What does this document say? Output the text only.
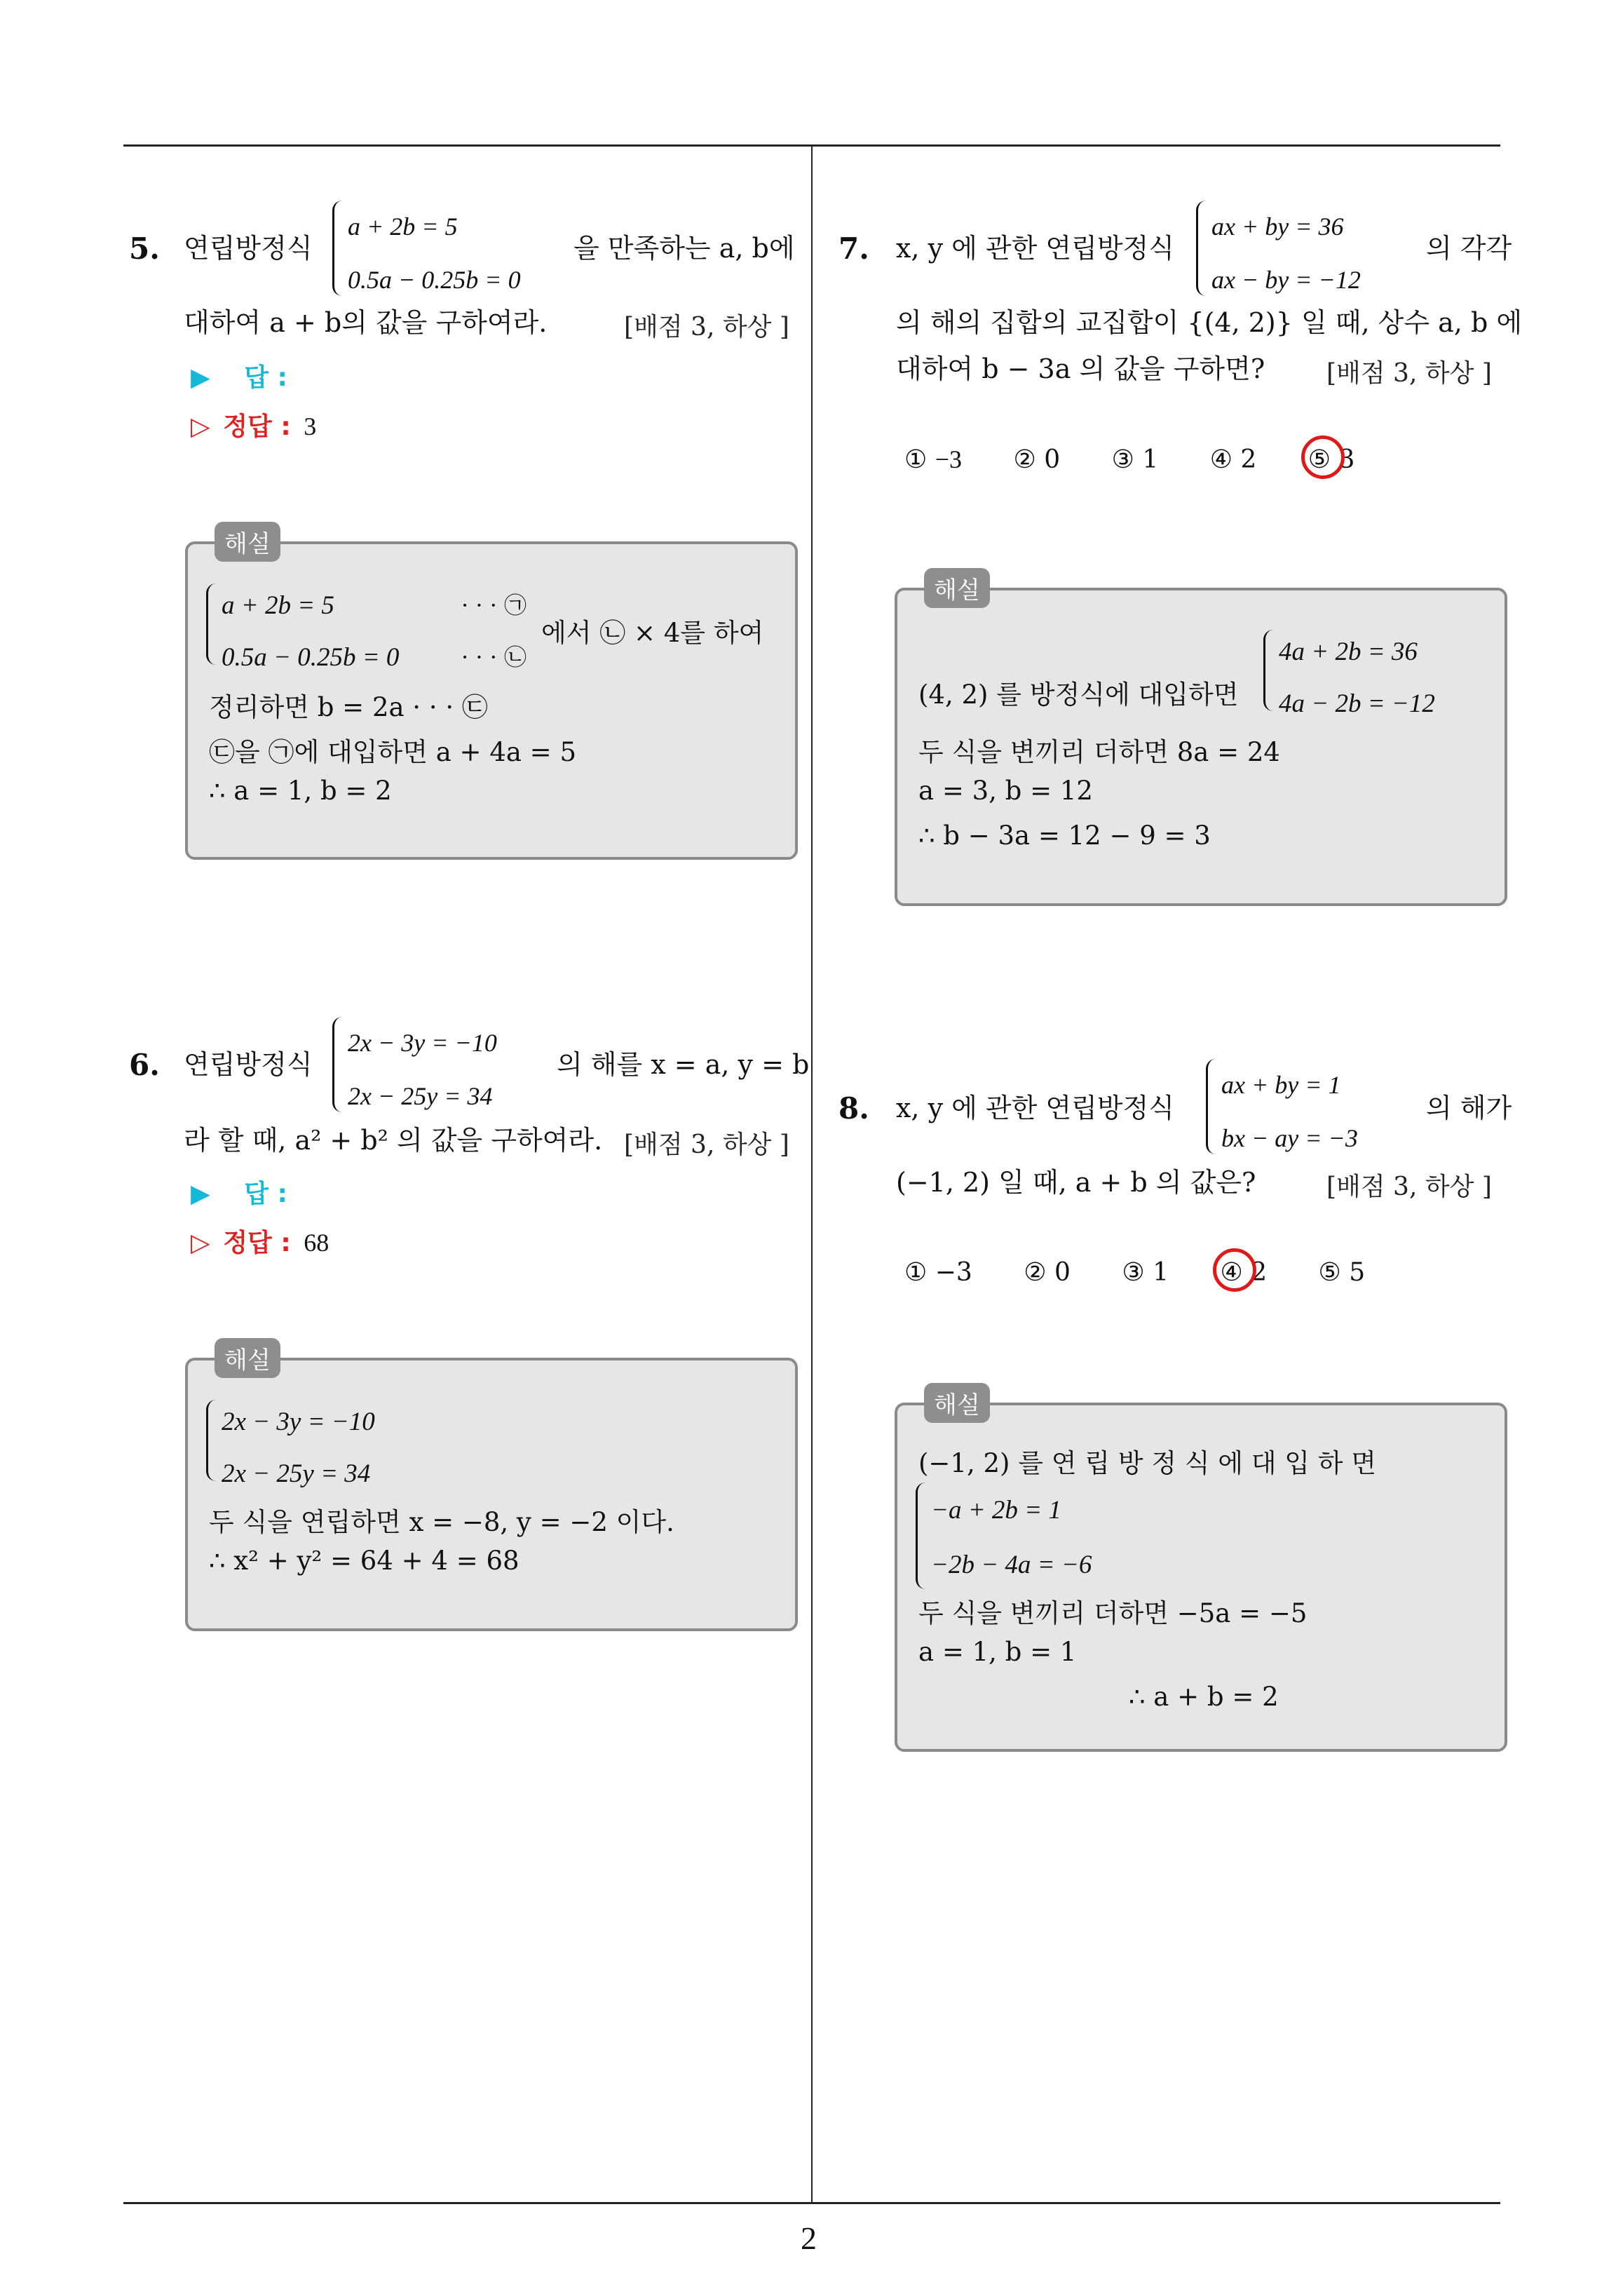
2
5. 연립방정식
a + 2b = 5
0.5a − 0.25b = 0
을 만족하는 a, b에
대하여 a + b의 값을 구하여라.	[배점 3, 하상 ]
▶ 답 :
▷ 정답 : 3
해설
a + 2b = 5	· · · ㉠
0.5a − 0.25b = 0	· · · ㉡
에서 ㉡ × 4를 하여
정리하면 b = 2a · · · ㉢
㉢을 ㉠에 대입하면 a + 4a = 5
∴ a = 1, b = 2
6. 연립방정식
2x − 3y = −10
2x − 25y = 34
의 해를 x = a, y = b
라 할 때, a² + b² 의 값을 구하여라. [배점 3, 하상 ]
▶ 답 :
▷ 정답 : 68
해설
2x − 3y = −10
2x − 25y = 34
두 식을 연립하면 x = −8, y = −2 이다.
∴ x² + y² = 64 + 4 = 68
7. x, y 에 관한 연립방정식
ax + by = 36
ax − by = −12
의 각각
의 해의 집합의 교집합이 {(4, 2)} 일 때, 상수 a, b 에
대하여 b − 3a 의 값을 구하면? [배점 3, 하상 ]
① −3 ② 0 ③ 1 ④ 2 ⑤ 3
해설
(4, 2) 를 방정식에 대입하면
4a + 2b = 36
4a − 2b = −12
두 식을 변끼리 더하면 8a = 24
a = 3, b = 12
∴ b − 3a = 12 − 9 = 3
8. x, y 에 관한 연립방정식
ax + by = 1
bx − ay = −3
의 해가
(−1, 2) 일 때, a + b 의 값은?	[배점 3, 하상 ]
① −3 ② 0 ③ 1 ④ 2 ⑤ 5
해설
(−1, 2) 를 연 립 방 정 식 에 대 입 하 면
−a + 2b = 1
−2b − 4a = −6
두 식을 변끼리 더하면 −5a = −5
a = 1, b = 1
∴ a + b = 2
